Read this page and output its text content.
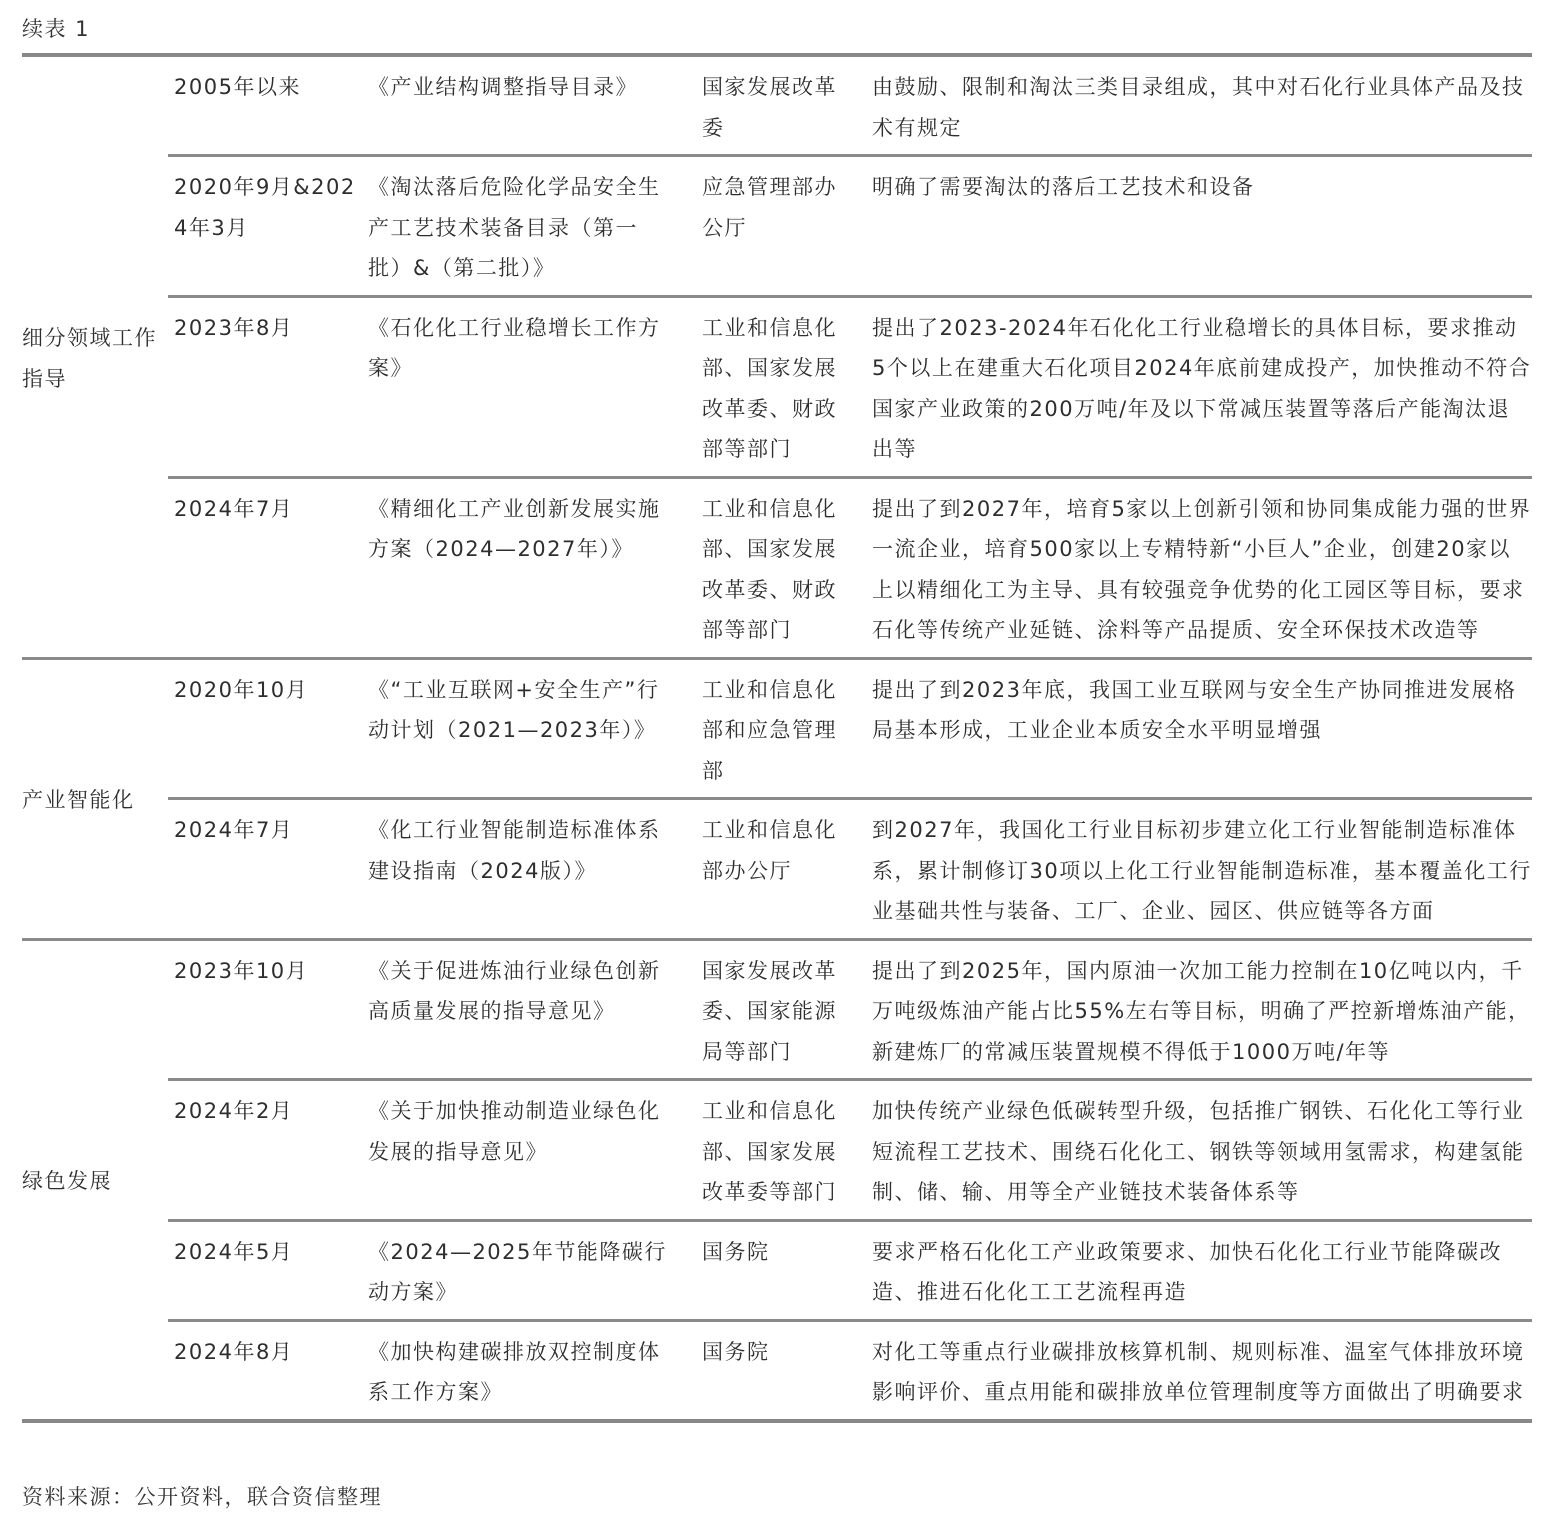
续表 1
细分领域工作指导	2005年以来	《产业结构调整指导目录》	国家发展改革委	由鼓励、限制和淘汰三类目录组成，其中对石化行业具体产品及技术有规定
	2020年9月&2024年3月	《淘汰落后危险化学品安全生产工艺技术装备目录（第一批）&（第二批）》	应急管理部办公厅	明确了需要淘汰的落后工艺技术和设备
	2023年8月	《石化化工行业稳增长工作方案》	工业和信息化部、国家发展改革委、财政部等部门	提出了2023-2024年石化化工行业稳增长的具体目标，要求推动5个以上在建重大石化项目2024年底前建成投产，加快推动不符合国家产业政策的200万吨/年及以下常减压装置等落后产能淘汰退出等
	2024年7月	《精细化工产业创新发展实施方案（2024—2027年）》	工业和信息化部、国家发展改革委、财政部等部门	提出了到2027年，培育5家以上创新引领和协同集成能力强的世界一流企业，培育500家以上专精特新“小巨人”企业，创建20家以上以精细化工为主导、具有较强竞争优势的化工园区等目标，要求石化等传统产业延链、涂料等产品提质、安全环保技术改造等
产业智能化	2020年10月	《“工业互联网+安全生产”行动计划（2021—2023年）》	工业和信息化部和应急管理部	提出了到2023年底，我国工业互联网与安全生产协同推进发展格局基本形成，工业企业本质安全水平明显增强
	2024年7月	《化工行业智能制造标准体系建设指南（2024版）》	工业和信息化部办公厅	到2027年，我国化工行业目标初步建立化工行业智能制造标准体系，累计制修订30项以上化工行业智能制造标准，基本覆盖化工行业基础共性与装备、工厂、企业、园区、供应链等各方面
绿色发展	2023年10月	《关于促进炼油行业绿色创新高质量发展的指导意见》	国家发展改革委、国家能源局等部门	提出了到2025年，国内原油一次加工能力控制在10亿吨以内，千万吨级炼油产能占比55%左右等目标，明确了严控新增炼油产能，新建炼厂的常减压装置规模不得低于1000万吨/年等
	2024年2月	《关于加快推动制造业绿色化发展的指导意见》	工业和信息化部、国家发展改革委等部门	加快传统产业绿色低碳转型升级，包括推广钢铁、石化化工等行业短流程工艺技术、围绕石化化工、钢铁等领域用氢需求，构建氢能制、储、输、用等全产业链技术装备体系等
	2024年5月	《2024—2025年节能降碳行动方案》	国务院	要求严格石化化工产业政策要求、加快石化化工行业节能降碳改造、推进石化化工工艺流程再造
	2024年8月	《加快构建碳排放双控制度体系工作方案》	国务院	对化工等重点行业碳排放核算机制、规则标准、温室气体排放环境影响评价、重点用能和碳排放单位管理制度等方面做出了明确要求
资料来源：公开资料，联合资信整理
